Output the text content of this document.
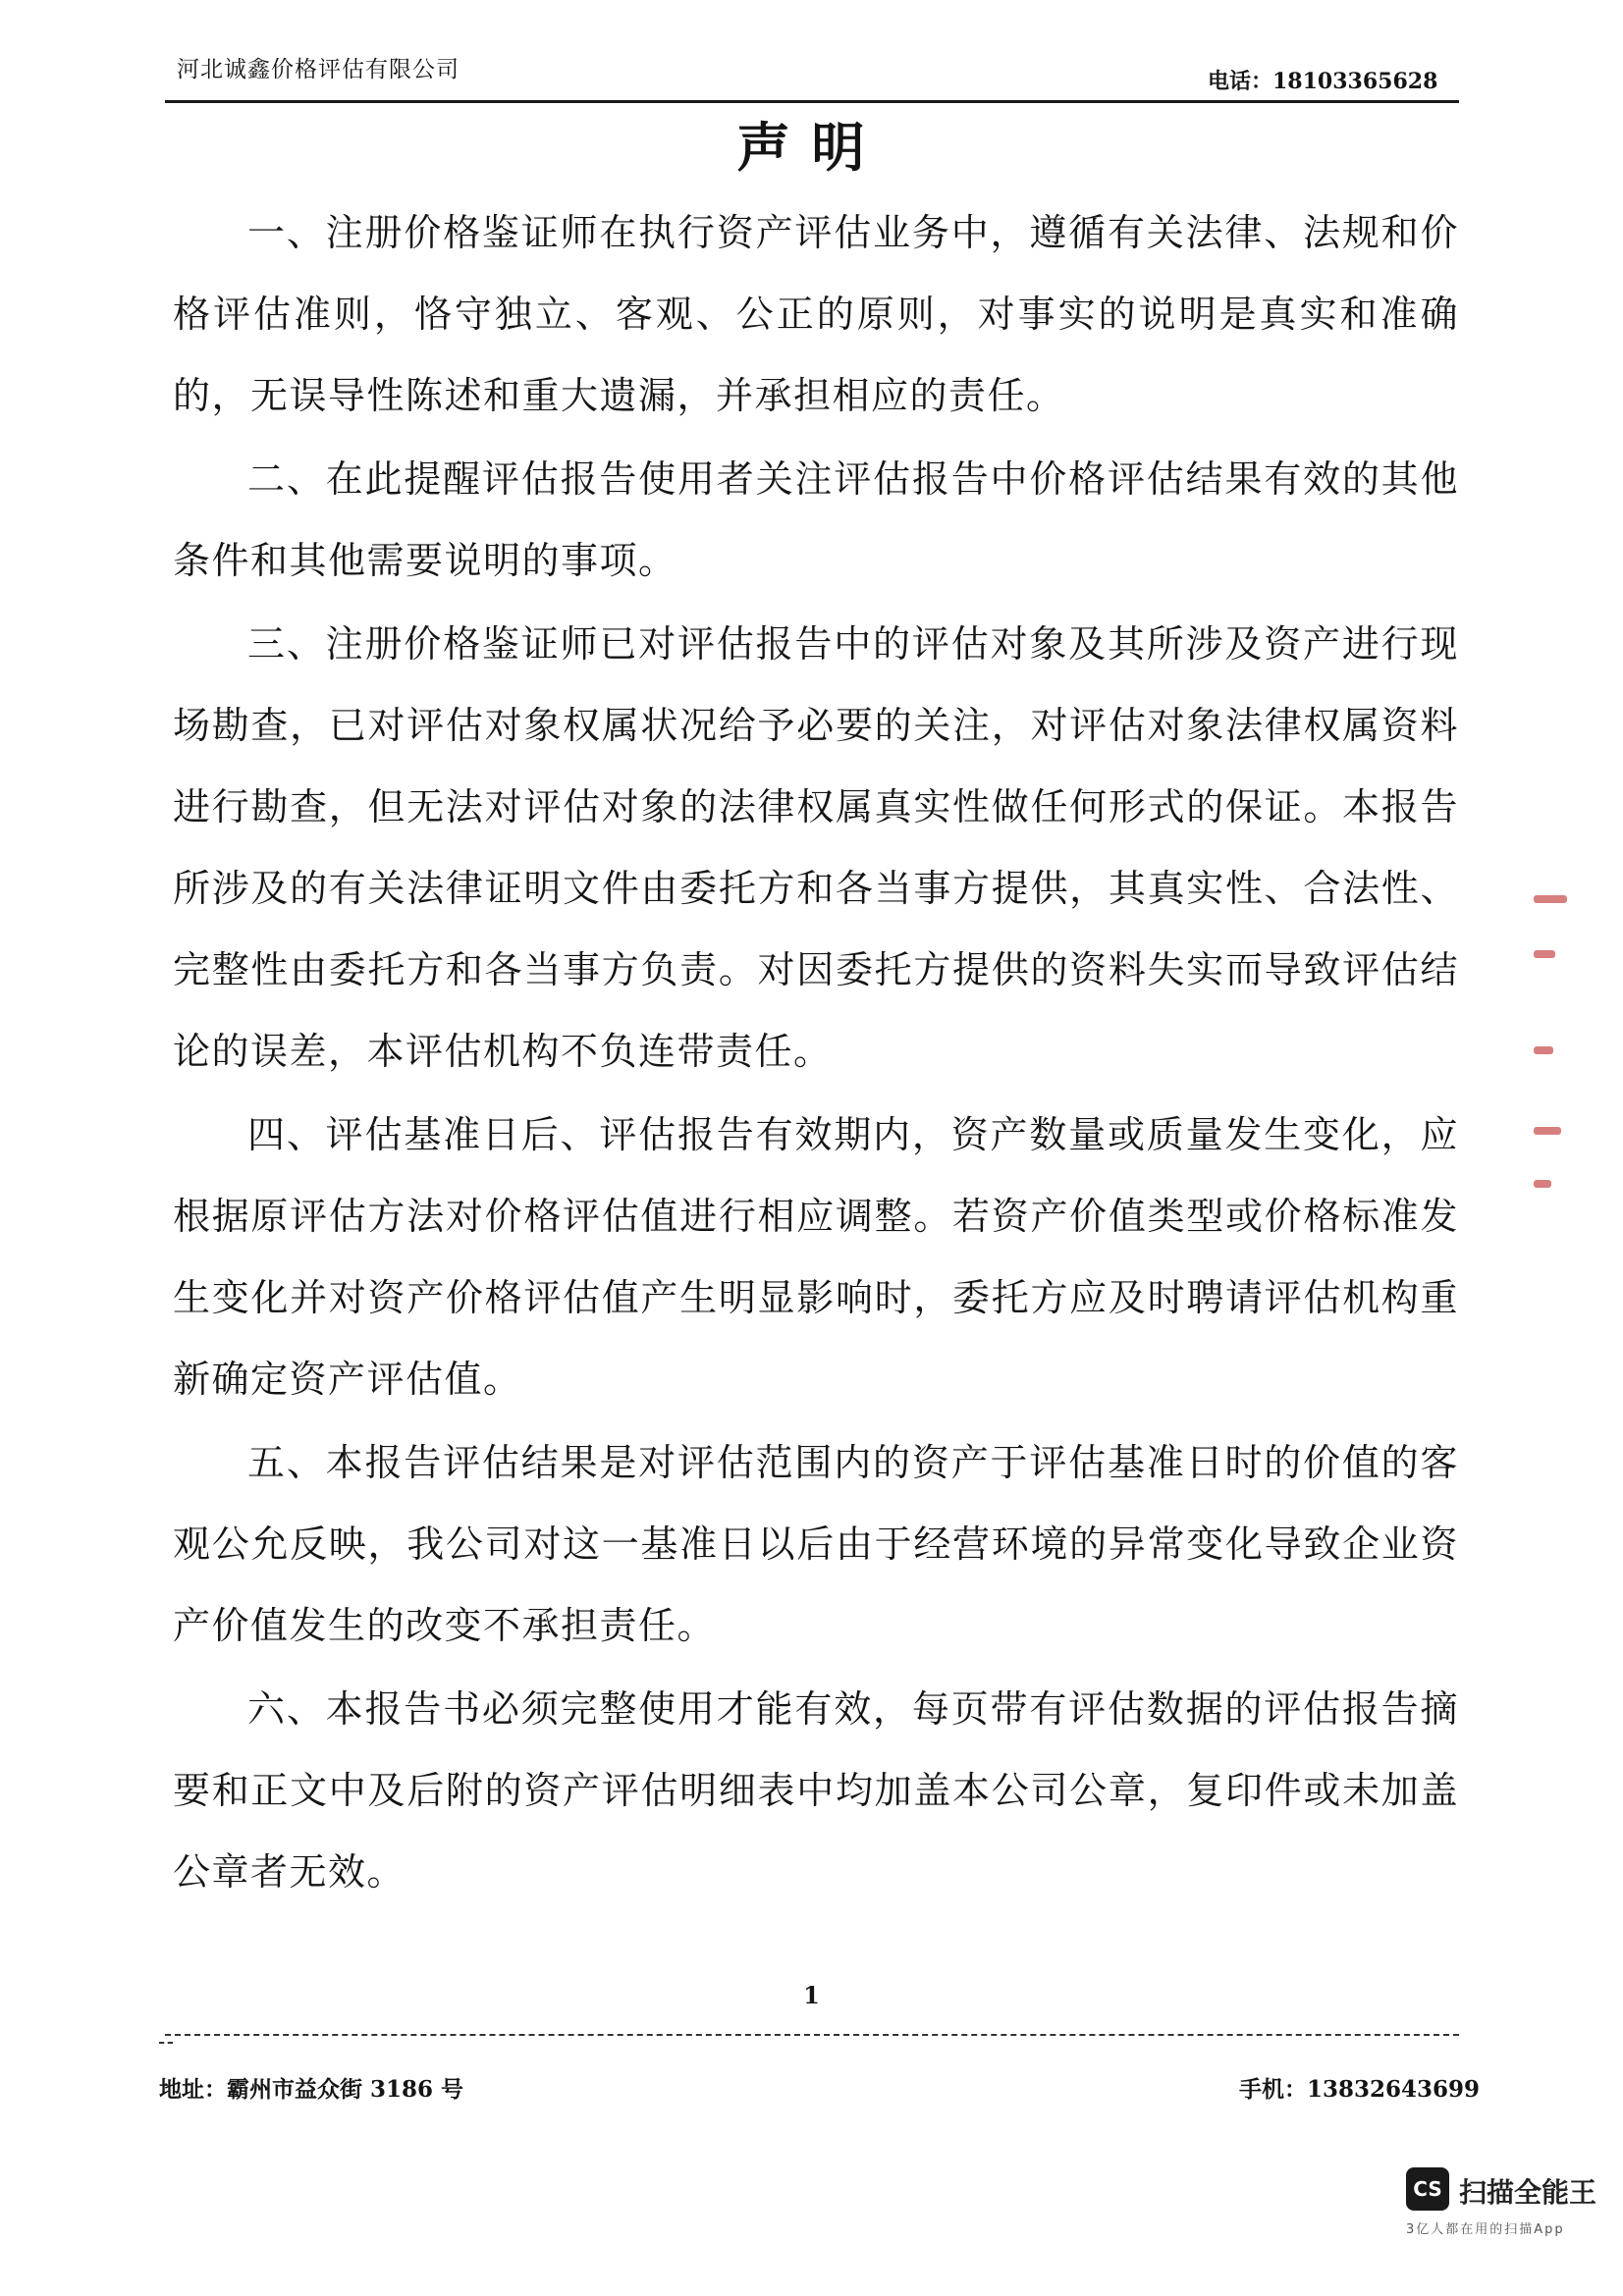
河北诚鑫价格评估有限公司	电话：18103365628
声明

一、注册价格鉴证师在执行资产评估业务中，遵循有关法律、法规和价格评估准则，恪守独立、客观、公正的原则，对事实的说明是真实和准确的，无误导性陈述和重大遗漏，并承担相应的责任。

二、在此提醒评估报告使用者关注评估报告中价格评估结果有效的其他条件和其他需要说明的事项。

三、注册价格鉴证师已对评估报告中的评估对象及其所涉及资产进行现场勘查，已对评估对象权属状况给予必要的关注，对评估对象法律权属资料进行勘查，但无法对评估对象的法律权属真实性做任何形式的保证。本报告所涉及的有关法律证明文件由委托方和各当事方提供，其真实性、合法性、完整性由委托方和各当事方负责。对因委托方提供的资料失实而导致评估结论的误差，本评估机构不负连带责任。

四、评估基准日后、评估报告有效期内，资产数量或质量发生变化，应根据原评估方法对价格评估值进行相应调整。若资产价值类型或价格标准发生变化并对资产价格评估值产生明显影响时，委托方应及时聘请评估机构重新确定资产评估值。

五、本报告评估结果是对评估范围内的资产于评估基准日时的价值的客观公允反映，我公司对这一基准日以后由于经营环境的异常变化导致企业资产价值发生的改变不承担责任。

六、本报告书必须完整使用才能有效，每页带有评估数据的评估报告摘要和正文中及后附的资产评估明细表中均加盖本公司公章，复印件或未加盖公章者无效。

1
地址：霸州市益众街 3186 号	手机：13832643699
CS 扫描全能王
3亿人都在用的扫描App
